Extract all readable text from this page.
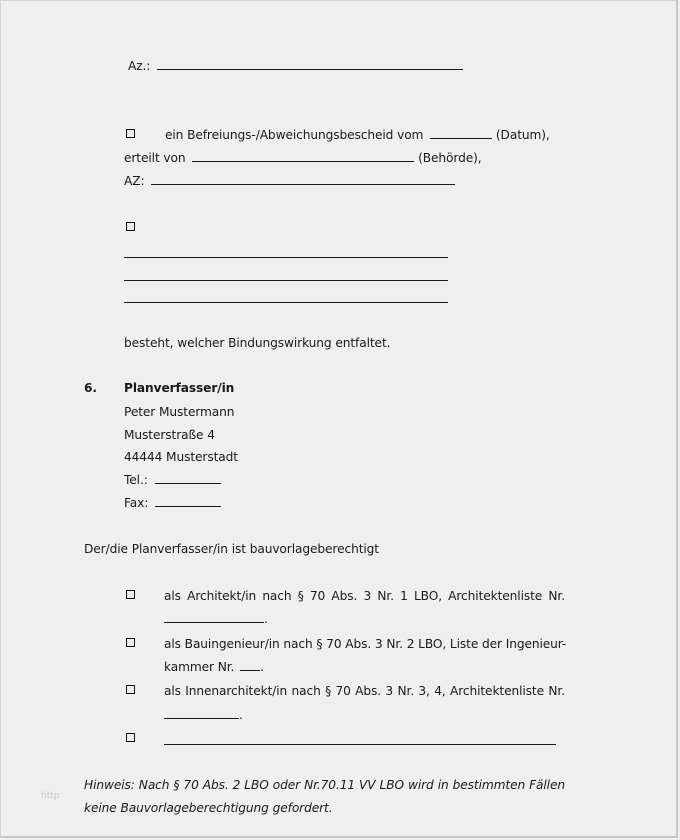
Az.:
ein Befreiungs-/Abweichungsbescheid vom	(Datum),
erteilt von	(Behörde),
AZ:
besteht, welcher Bindungswirkung entfaltet.
6. Planverfasser/in
Peter Mustermann
Musterstraße 4
44444 Musterstadt
Tel.:
Fax:
Der/die Planverfasser/in ist bauvorlageberechtigt
als Architekt/in nach § 70 Abs. 3 Nr. 1 LBO, Architektenliste Nr.
.
als Bauingenieur/in nach § 70 Abs. 3 Nr. 2 LBO, Liste der Ingenieur-
kammer Nr. .
als Innenarchitekt/in nach § 70 Abs. 3 Nr. 3, 4, Architektenliste Nr.
.
Hinweis: Nach § 70 Abs. 2 LBO oder Nr.70.11 VV LBO wird in bestimmten Fällen
keine Bauvorlageberechtigung gefordert.
http
